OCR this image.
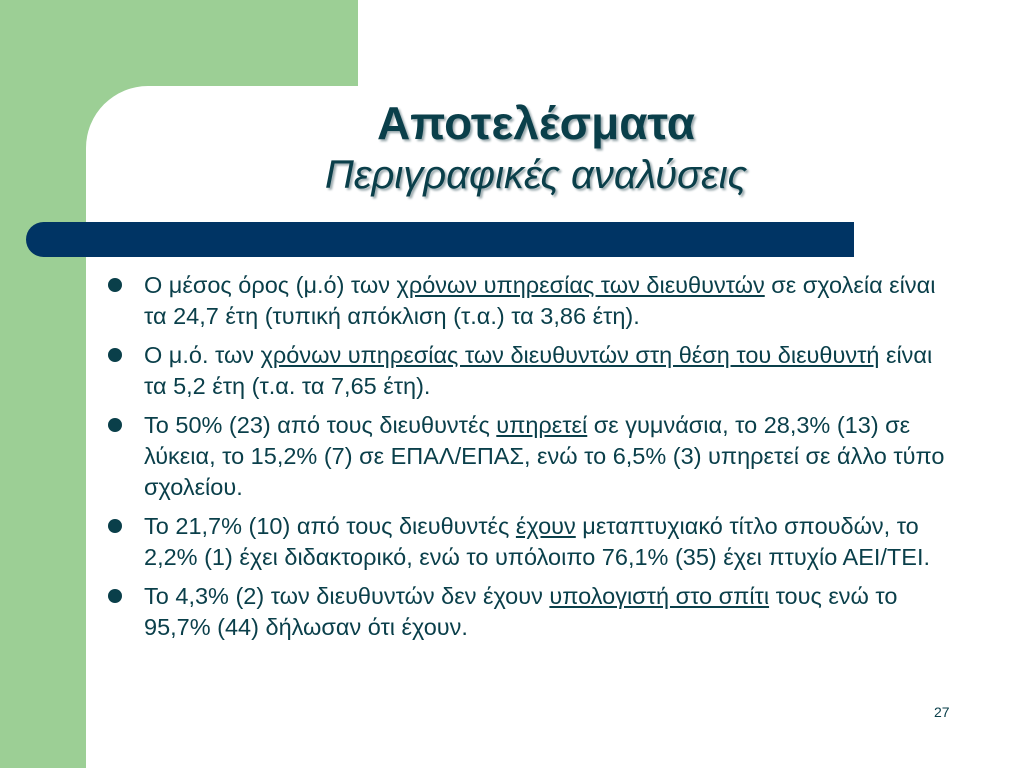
Αποτελέσματα
Περιγραφικές αναλύσεις
Ο μέσος όρος (μ.ό) των χρόνων υπηρεσίας των διευθυντών σε σχολεία είναι τα 24,7 έτη (τυπική απόκλιση (τ.α.) τα 3,86 έτη).
Ο μ.ό. των χρόνων υπηρεσίας των διευθυντών στη θέση του διευθυντή είναι τα 5,2 έτη (τ.α. τα 7,65 έτη).
Το 50% (23) από τους διευθυντές υπηρετεί σε γυμνάσια, το 28,3% (13) σε λύκεια, το 15,2% (7) σε ΕΠΑΛ/ΕΠΑΣ, ενώ το 6,5% (3) υπηρετεί σε άλλο τύπο σχολείου.
Το 21,7% (10) από τους διευθυντές έχουν μεταπτυχιακό τίτλο σπουδών, το 2,2% (1) έχει διδακτορικό, ενώ το υπόλοιπο 76,1% (35) έχει πτυχίο ΑΕΙ/ΤΕΙ.
Το 4,3% (2) των διευθυντών δεν έχουν υπολογιστή στο σπίτι τους ενώ το 95,7% (44) δήλωσαν ότι έχουν.
27
